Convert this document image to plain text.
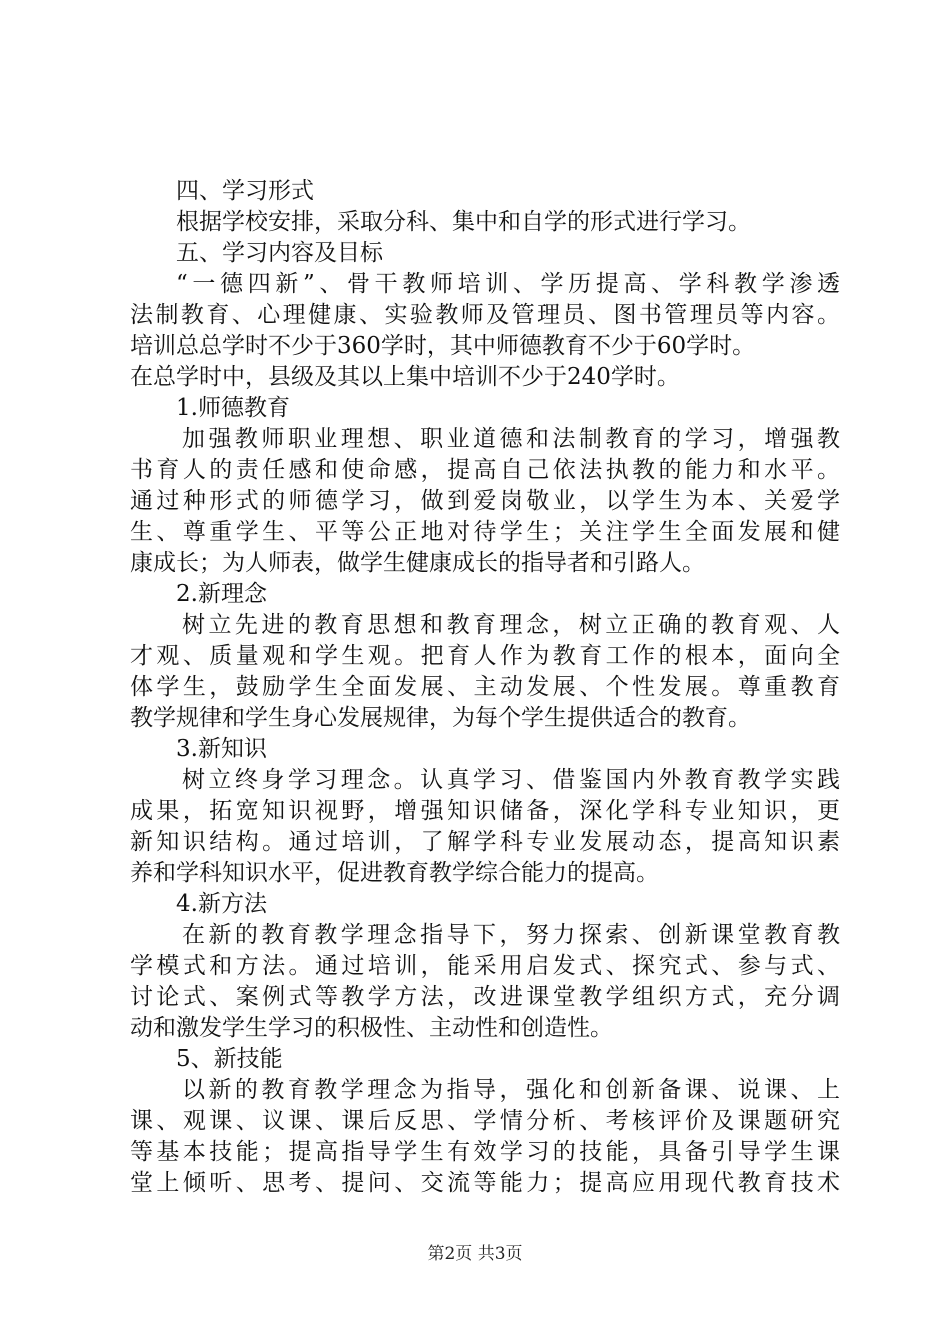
四、学习形式
根据学校安排，采取分科、集中和自学的形式进行学习。
五、学习内容及目标
“一德四新”、骨干教师培训、学历提高、学科教学渗透
法制教育、心理健康、实验教师及管理员、图书管理员等内容。
培训总总学时不少于360学时，其中师德教育不少于60学时。
在总学时中，县级及其以上集中培训不少于240学时。
1.师德教育
加强教师职业理想、职业道德和法制教育的学习，增强教
书育人的责任感和使命感，提高自己依法执教的能力和水平。
通过种形式的师德学习，做到爱岗敬业，以学生为本、关爱学
生、尊重学生、平等公正地对待学生；关注学生全面发展和健
康成长；为人师表，做学生健康成长的指导者和引路人。
2.新理念
树立先进的教育思想和教育理念，树立正确的教育观、人
才观、质量观和学生观。把育人作为教育工作的根本，面向全
体学生，鼓励学生全面发展、主动发展、个性发展。尊重教育
教学规律和学生身心发展规律，为每个学生提供适合的教育。
3.新知识
树立终身学习理念。认真学习、借鉴国内外教育教学实践
成果，拓宽知识视野，增强知识储备，深化学科专业知识，更
新知识结构。通过培训，了解学科专业发展动态，提高知识素
养和学科知识水平，促进教育教学综合能力的提高。
4.新方法
在新的教育教学理念指导下，努力探索、创新课堂教育教
学模式和方法。通过培训，能采用启发式、探究式、参与式、
讨论式、案例式等教学方法，改进课堂教学组织方式，充分调
动和激发学生学习的积极性、主动性和创造性。
5、新技能
以新的教育教学理念为指导，强化和创新备课、说课、上
课、观课、议课、课后反思、学情分析、考核评价及课题研究
等基本技能；提高指导学生有效学习的技能，具备引导学生课
堂上倾听、思考、提问、交流等能力；提高应用现代教育技术
第2页 共3页
